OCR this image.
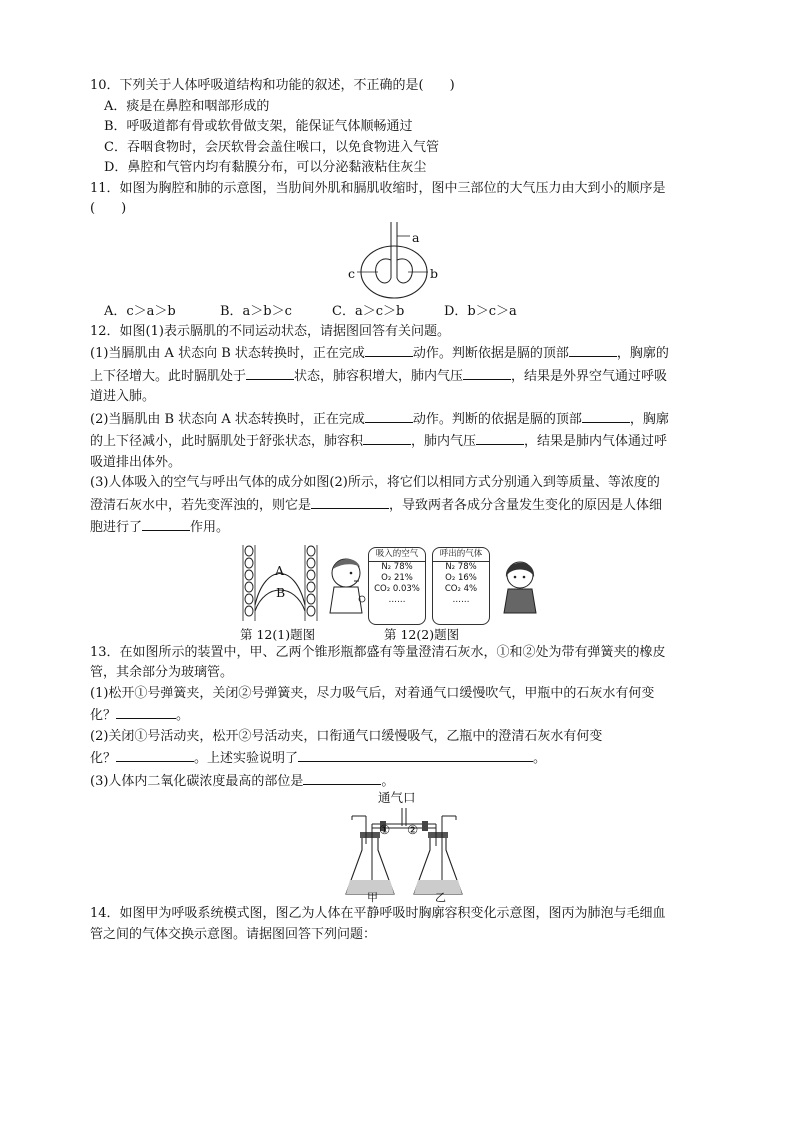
10．下列关于人体呼吸道结构和功能的叙述，不正确的是(　　)
A．痰是在鼻腔和咽部形成的
B．呼吸道都有骨或软骨做支架，能保证气体顺畅通过
C．吞咽食物时，会厌软骨会盖住喉口，以免食物进入气管
D．鼻腔和气管内均有黏膜分布，可以分泌黏液粘住灰尘
11．如图为胸腔和肺的示意图，当肋间外肌和膈肌收缩时，图中三部位的大气压力由大到小的顺序是
(　　)
a
c	b
A．c＞a＞b	B．a＞b＞c	C．a＞c＞b	D．b＞c＞a
12．如图(1)表示膈肌的不同运动状态，请据图回答有关问题。
(1)当膈肌由 A 状态向 B 状态转换时，正在完成	动作。判断依据是膈的顶部	，胸廓的
上下径增大。此时膈肌处于	状态，肺容积增大，肺内气压	，结果是外界空气通过呼吸
道进入肺。
(2)当膈肌由 B 状态向 A 状态转换时，正在完成	动作。判断的依据是膈的顶部	，胸廓
的上下径减小，此时膈肌处于舒张状态，肺容积	，肺内气压	，结果是肺内气体通过呼
吸道排出体外。
(3)人体吸入的空气与呼出气体的成分如图(2)所示，将它们以相同方式分别通入到等质量、等浓度的
澄清石灰水中，若先变浑浊的，则它是	，导致两者各成分含量发生变化的原因是人体细
胞进行了	作用。
A
B
吸入的空气
N₂ 78%
O₂ 21%
CO₂ 0.03%
……
呼出的气体
N₂ 78%
O₂ 16%
CO₂ 4%
……
第 12(1)题图	第 12(2)题图
13．在如图所示的装置中，甲、乙两个锥形瓶都盛有等量澄清石灰水，①和②处为带有弹簧夹的橡皮
管，其余部分为玻璃管。
(1)松开①号弹簧夹，关闭②号弹簧夹，尽力吸气后，对着通气口缓慢吹气，甲瓶中的石灰水有何变
化？	。
(2)关闭①号活动夹，松开②号活动夹，口衔通气口缓慢吸气，乙瓶中的澄清石灰水有何变
化？	。上述实验说明了	。
(3)人体内二氧化碳浓度最高的部位是	。
通气口
① ②
甲	乙
14．如图甲为呼吸系统模式图，图乙为人体在平静呼吸时胸廓容积变化示意图，图丙为肺泡与毛细血
管之间的气体交换示意图。请据图回答下列问题：
